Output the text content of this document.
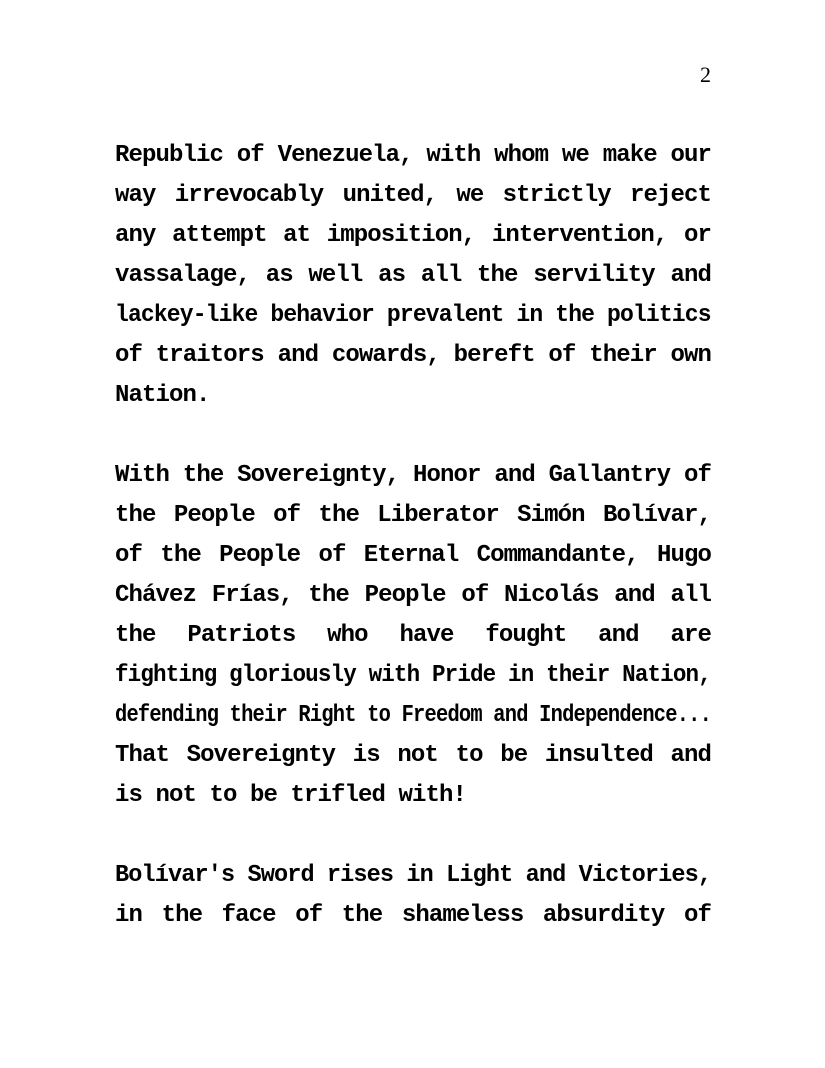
2
Republic of Venezuela, with whom we make our
way irrevocably united, we strictly reject
any attempt at imposition, intervention, or
vassalage, as well as all the servility and
lackey-like behavior prevalent in the politics
of traitors and cowards, bereft of their own
Nation.
With the Sovereignty, Honor and Gallantry of
the People of the Liberator Simón Bolívar,
of the People of Eternal Commandante, Hugo
Chávez Frías, the People of Nicolás and all
the Patriots who have fought and are
fighting gloriously with Pride in their Nation,
defending their Right to Freedom and Independence...
That Sovereignty is not to be insulted and
is not to be trifled with!
Bolívar's Sword rises in Light and Victories,
in the face of the shameless absurdity of
